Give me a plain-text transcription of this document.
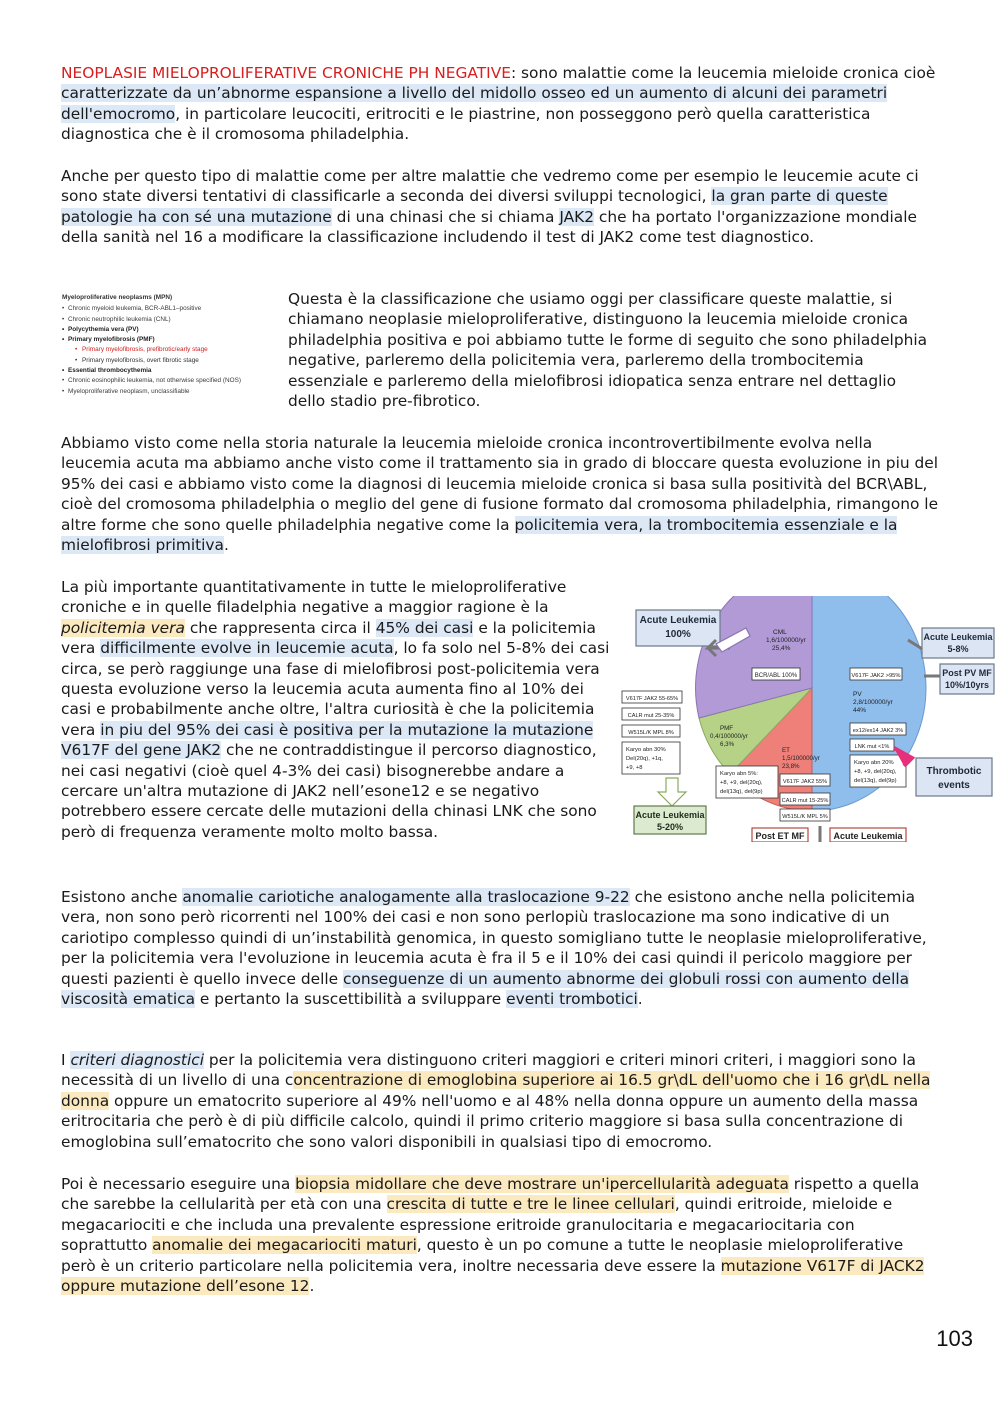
NEOPLASIE MIELOPROLIFERATIVE CRONICHE PH NEGATIVE: sono malattie come la leucemia mieloide cronica cioè caratterizzate da un’abnorme espansione a livello del midollo osseo ed un aumento di alcuni dei parametri dell'emocromo, in particolare leucociti, eritrociti e le piastrine, non posseggono però quella caratteristica diagnostica che è il cromosoma philadelphia.

Anche per questo tipo di malattie come per altre malattie che vedremo come per esempio le leucemie acute ci sono state diversi tentativi di classificarle a seconda dei diversi sviluppi tecnologici, la gran parte di queste patologie ha con sé una mutazione di una chinasi che si chiama JAK2 che ha portato l'organizzazione mondiale della sanità nel 16 a modificare la classificazione includendo il test di JAK2 come test diagnostico.

Myeloproliferative neoplasms (MPN)
• Chronic myeloid leukemia, BCR-ABL1–positive
• Chronic neutrophilic leukemia (CNL)
• Polycythemia vera (PV)
• Primary myelofibrosis (PMF)
• Primary myelofibrosis, prefibrotic/early stage
• Primary myelofibrosis, overt fibrotic stage
• Essential thrombocythemia
• Chronic eosinophilic leukemia, not otherwise specified (NOS)
• Myeloproliferative neoplasm, unclassifiable

Questa è la classificazione che usiamo oggi per classificare queste malattie, si chiamano neoplasie mieloproliferative, distinguono la leucemia mieloide cronica philadelphia positiva e poi abbiamo tutte le forme di seguito che sono philadelphia negative, parleremo della policitemia vera, parleremo della trombocitemia essenziale e parleremo della mielofibrosi idiopatica senza entrare nel dettaglio dello stadio pre-fibrotico.

Abbiamo visto come nella storia naturale la leucemia mieloide cronica incontrovertibilmente evolva nella leucemia acuta ma abbiamo anche visto come il trattamento sia in grado di bloccare questa evoluzione in piu del 95% dei casi e abbiamo visto come la diagnosi di leucemia mieloide cronica si basa sulla positività del BCR\ABL, cioè del cromosoma philadelphia o meglio del gene di fusione formato dal cromosoma philadelphia, rimangono le altre forme che sono quelle philadelphia negative come la policitemia vera, la trombocitemia essenziale e la mielofibrosi primitiva.

La più importante quantitativamente in tutte le mieloproliferative croniche e in quelle filadelphia negative a maggior ragione è la policitemia vera che rappresenta circa il 45% dei casi e la policitemia vera difficilmente evolve in leucemie acuta, lo fa solo nel 5-8% dei casi circa, se però raggiunge una fase di mielofibrosi post-policitemia vera questa evoluzione verso la leucemia acuta aumenta fino al 10% dei casi e probabilmente anche oltre, l'altra curiosità è che la policitemia vera in piu del 95% dei casi è positiva per la mutazione la mutazione V617F del gene JAK2 che ne contraddistingue il percorso diagnostico, nei casi negativi (cioè quel 4-3% dei casi) bisognerebbe andare a cercare un'altra mutazione di JAK2 nell’esone12 e se negativo potrebbero essere cercate delle mutazioni della chinasi LNK che sono però di frequenza veramente molto molto bassa.

Acute Leukemia
100%	CML
1,6/100000/yr
25,4%
BCR/ABL 100%	V617F JAK2 >95%
PV
2,8/100000/yr
44%
ex12/ex14 JAK2 3%
LNK mut <1%
Karyo abn 20%
+8, +9, del(20q),
del(13q), del(9p)
V617F JAK2 55-65%
CALR mut 25-35%
W515L/K MPL 8%
Karyo abn 30%
Del(20q), +1q,
+9, +8
PMF
0,4/100000/yr
6,3%
ET
1,5/100000/yr
23,8%
Karyo abn 5%:
+8, +9, del(20q),
del(13q), del(9p)
V617F JAK2 55%
CALR mut 15-25%
W515L/K MPL 5%
Acute Leukemia
5-8%
Post PV MF
10%/10yrs
Thrombotic
events
Acute Leukemia
5-20%
Post ET MF	Acute Leukemia

Esistono anche anomalie cariotiche analogamente alla traslocazione 9-22 che esistono anche nella policitemia vera, non sono però ricorrenti nel 100% dei casi e non sono perlopiù traslocazione ma sono indicative di un cariotipo complesso quindi di un’instabilità genomica, in questo somigliano tutte le neoplasie mieloproliferative, per la policitemia vera l'evoluzione in leucemia acuta è fra il 5 e il 10% dei casi quindi il pericolo maggiore per questi pazienti è quello invece delle conseguenze di un aumento abnorme dei globuli rossi con aumento della viscosità ematica e pertanto la suscettibilità a sviluppare eventi trombotici.

I criteri diagnostici per la policitemia vera distinguono criteri maggiori e criteri minori criteri, i maggiori sono la necessità di un livello di una concentrazione di emoglobina superiore ai 16.5 gr\dL dell'uomo che i 16 gr\dL nella donna oppure un ematocrito superiore al 49% nell'uomo e al 48% nella donna oppure un aumento della massa eritrocitaria che però è di più difficile calcolo, quindi il primo criterio maggiore si basa sulla concentrazione di emoglobina sull’ematocrito che sono valori disponibili in qualsiasi tipo di emocromo.

Poi è necessario eseguire una biopsia midollare che deve mostrare un'ipercellularità adeguata rispetto a quella che sarebbe la cellularità per età con una crescita di tutte e tre le linee cellulari, quindi eritroide, mieloide e megacariociti e che includa una prevalente espressione eritroide granulocitaria e megacariocitaria con soprattutto anomalie dei megacariociti maturi, questo è un po comune a tutte le neoplasie mieloproliferative però è un criterio particolare nella policitemia vera, inoltre necessaria deve essere la mutazione V617F di JACK2 oppure mutazione dell’esone 12.

103
